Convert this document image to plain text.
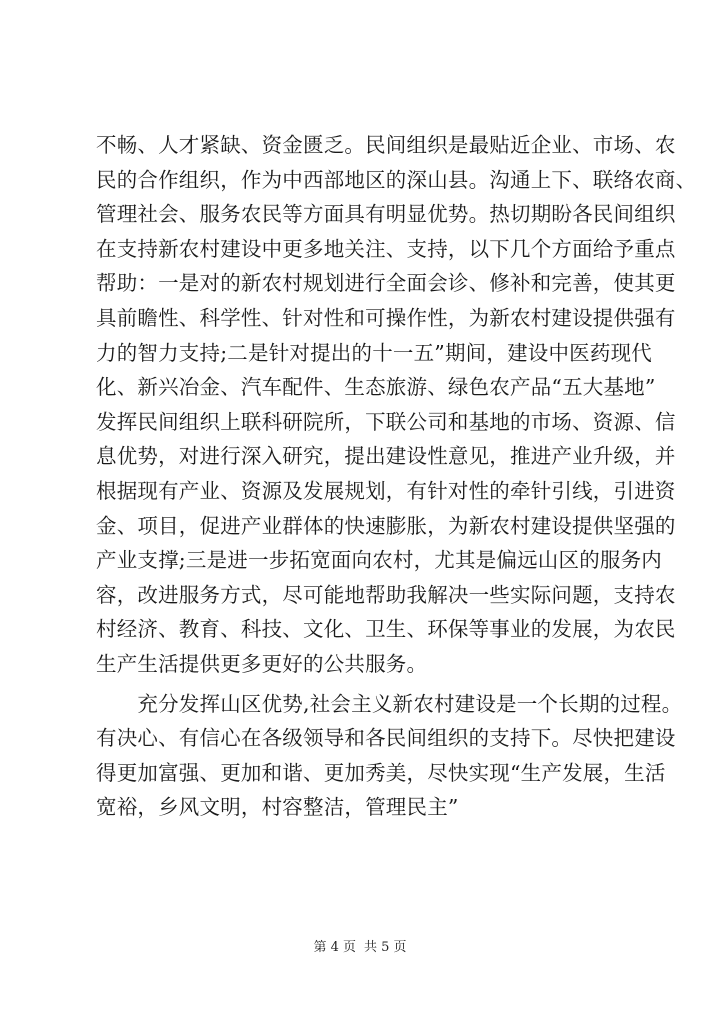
不畅、人才紧缺、资金匮乏。民间组织是最贴近企业、市场、农
民的合作组织，作为中西部地区的深山县。沟通上下、联络农商、
管理社会、服务农民等方面具有明显优势。热切期盼各民间组织
在支持新农村建设中更多地关注、支持，以下几个方面给予重点
帮助：一是对的新农村规划进行全面会诊、修补和完善，使其更
具前瞻性、科学性、针对性和可操作性，为新农村建设提供强有
力的智力支持;二是针对提出的十一五”期间，建设中医药现代
化、新兴冶金、汽车配件、生态旅游、绿色农产品“五大基地”
发挥民间组织上联科研院所，下联公司和基地的市场、资源、信
息优势，对进行深入研究，提出建设性意见，推进产业升级，并
根据现有产业、资源及发展规划，有针对性的牵针引线，引进资
金、项目，促进产业群体的快速膨胀，为新农村建设提供坚强的
产业支撑;三是进一步拓宽面向农村，尤其是偏远山区的服务内
容，改进服务方式，尽可能地帮助我解决一些实际问题，支持农
村经济、教育、科技、文化、卫生、环保等事业的发展，为农民
生产生活提供更多更好的公共服务。
　　充分发挥山区优势,社会主义新农村建设是一个长期的过程。
有决心、有信心在各级领导和各民间组织的支持下。尽快把建设
得更加富强、更加和谐、更加秀美，尽快实现“生产发展，生活
宽裕，乡风文明，村容整洁，管理民主”
第 4 页 共 5 页
